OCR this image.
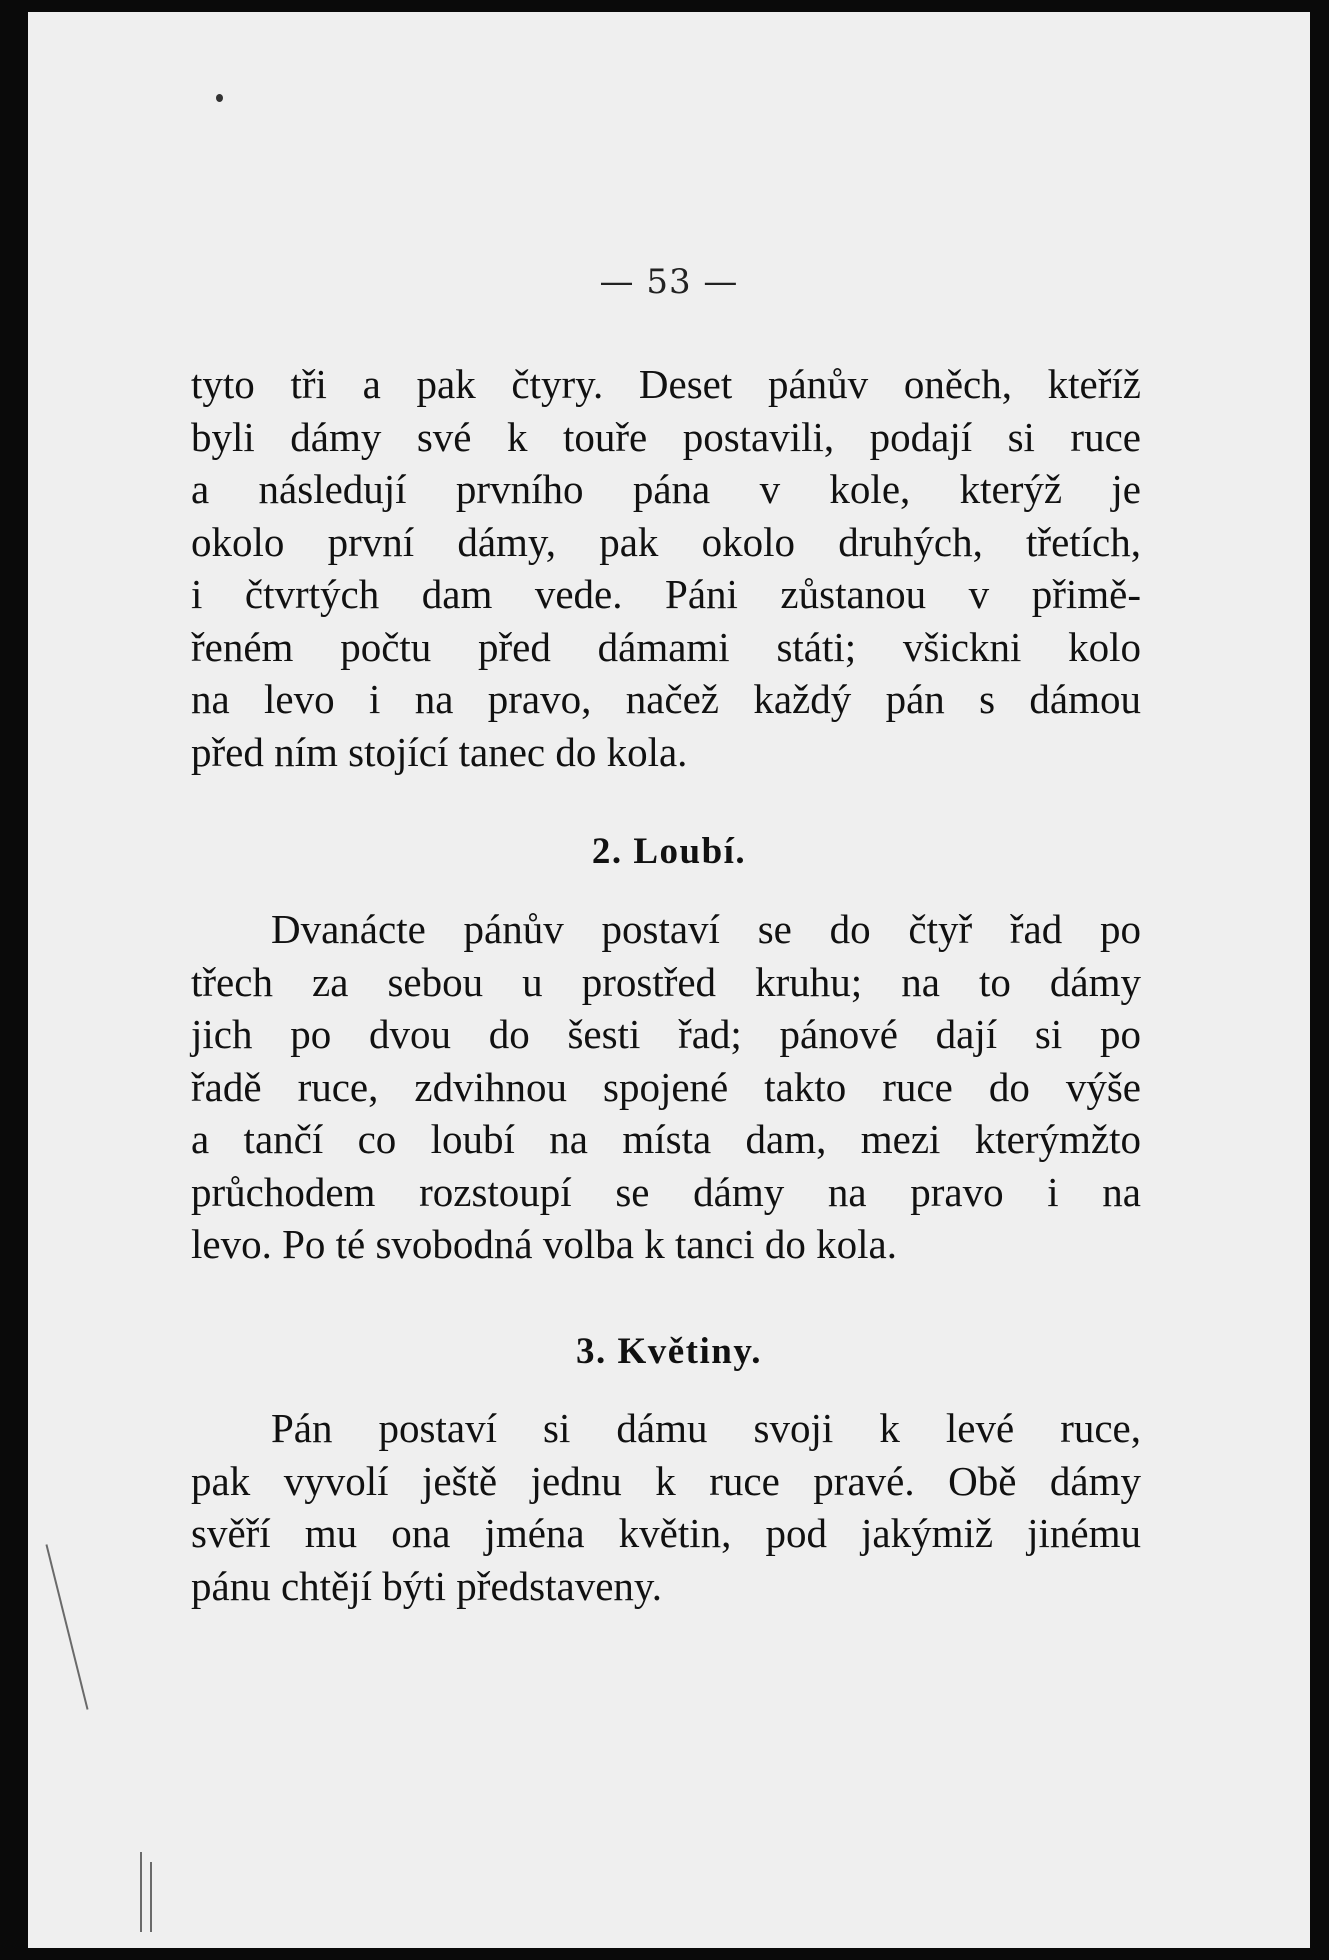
— 53 —
tyto tři a pak čtyry. Deset pánův oněch, kteříž
byli dámy své k touře postavili, podají si ruce
a následují prvního pána v kole, kterýž je
okolo první dámy, pak okolo druhých, třetích,
i čtvrtých dam vede. Páni zůstanou v přimě-
řeném počtu před dámami státi; všickni kolo
na levo i na pravo, načež každý pán s dámou
před ním stojící tanec do kola.
2. Loubí.
Dvanácte pánův postaví se do čtyř řad po
třech za sebou u prostřed kruhu; na to dámy
jich po dvou do šesti řad; pánové dají si po
řadě ruce, zdvihnou spojené takto ruce do výše
a tančí co loubí na místa dam, mezi kterýmžto
průchodem rozstoupí se dámy na pravo i na
levo. Po té svobodná volba k tanci do kola.
3. Květiny.
Pán postaví si dámu svoji k levé ruce,
pak vyvolí ještě jednu k ruce pravé. Obě dámy
svěří mu ona jména květin, pod jakýmiž jinému
pánu chtějí býti představeny.
